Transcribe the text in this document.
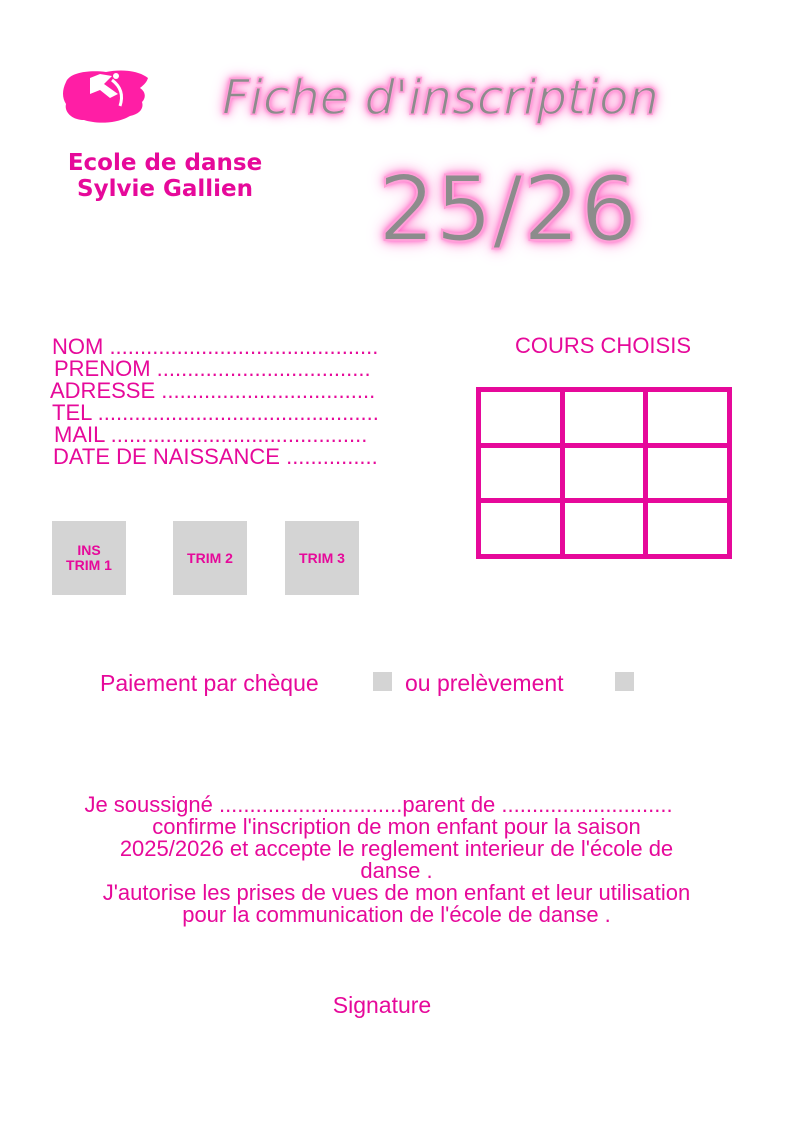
Fiche d'inscription
Ecole de danse
Sylvie Gallien	25/26
NOM ............................................
PRENOM ...................................
ADRESSE ...................................
TEL ..............................................
MAIL ..........................................
DATE DE NAISSANCE ...............
COURS CHOISIS
INS
TRIM 1	TRIM 2	TRIM 3
Paiement par chèque	ou prelèvement
Je soussigné ..............................parent de ............................
confirme l'inscription de mon enfant pour la saison
2025/2026 et accepte le reglement interieur de l'école de
danse .
J'autorise les prises de vues de mon enfant et leur utilisation
pour la communication de l'école de danse .
Signature
